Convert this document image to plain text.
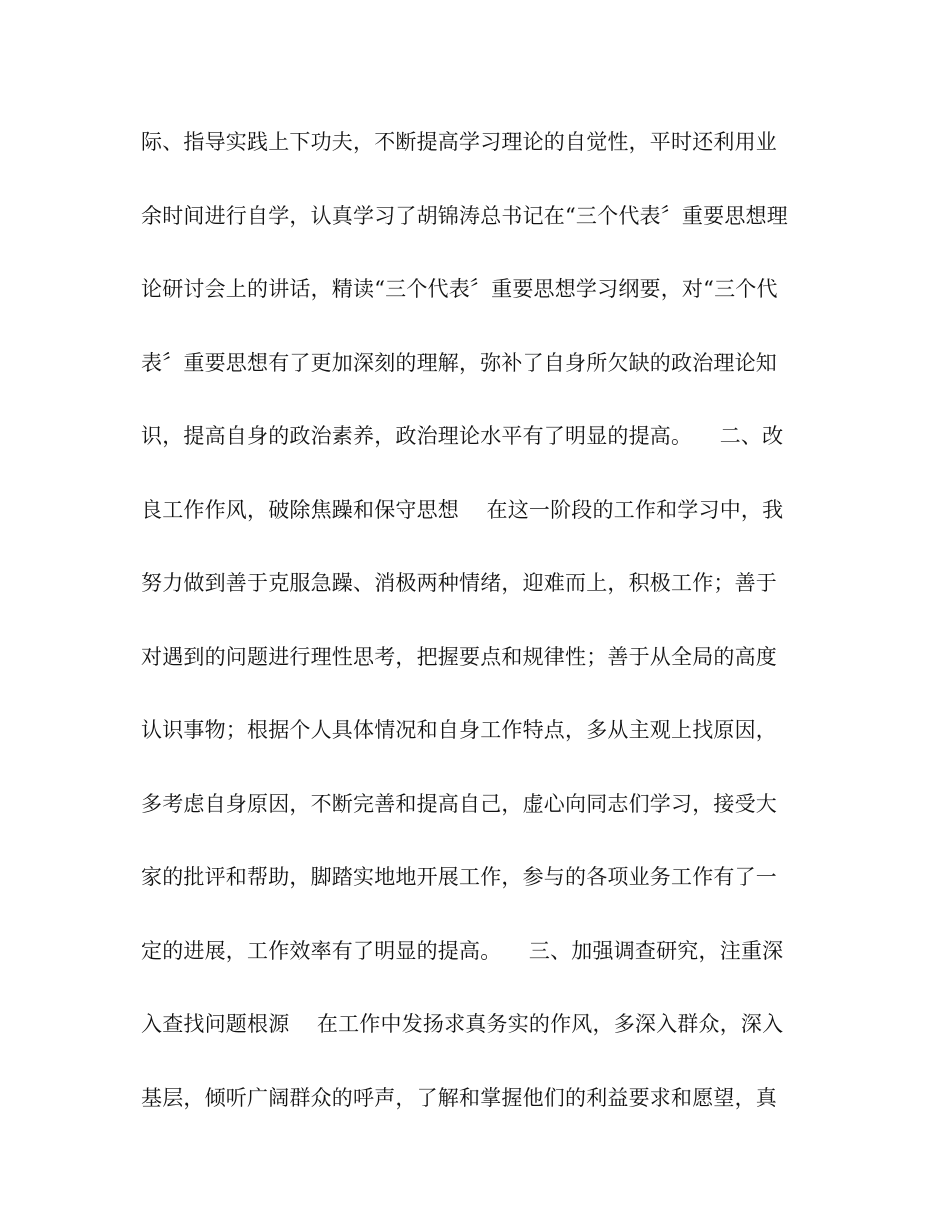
际、指导实践上下功夫，不断提高学习理论的自觉性，平时还利用业
余时间进行自学，认真学习了胡锦涛总书记在“三个代表〞重要思想理
论研讨会上的讲话，精读“三个代表〞重要思想学习纲要，对“三个代
表〞重要思想有了更加深刻的理解，弥补了自身所欠缺的政治理论知
识，提高自身的政治素养，政治理论水平有了明显的提高。    二、改
良工作作风，破除焦躁和保守思想    在这一阶段的工作和学习中，我
努力做到善于克服急躁、消极两种情绪，迎难而上，积极工作；善于
对遇到的问题进行理性思考，把握要点和规律性；善于从全局的高度
认识事物；根据个人具体情况和自身工作特点，多从主观上找原因，
多考虑自身原因，不断完善和提高自己，虚心向同志们学习，接受大
家的批评和帮助，脚踏实地地开展工作，参与的各项业务工作有了一
定的进展，工作效率有了明显的提高。    三、加强调查研究，注重深
入查找问题根源    在工作中发扬求真务实的作风，多深入群众，深入
基层，倾听广阔群众的呼声，了解和掌握他们的利益要求和愿望，真
